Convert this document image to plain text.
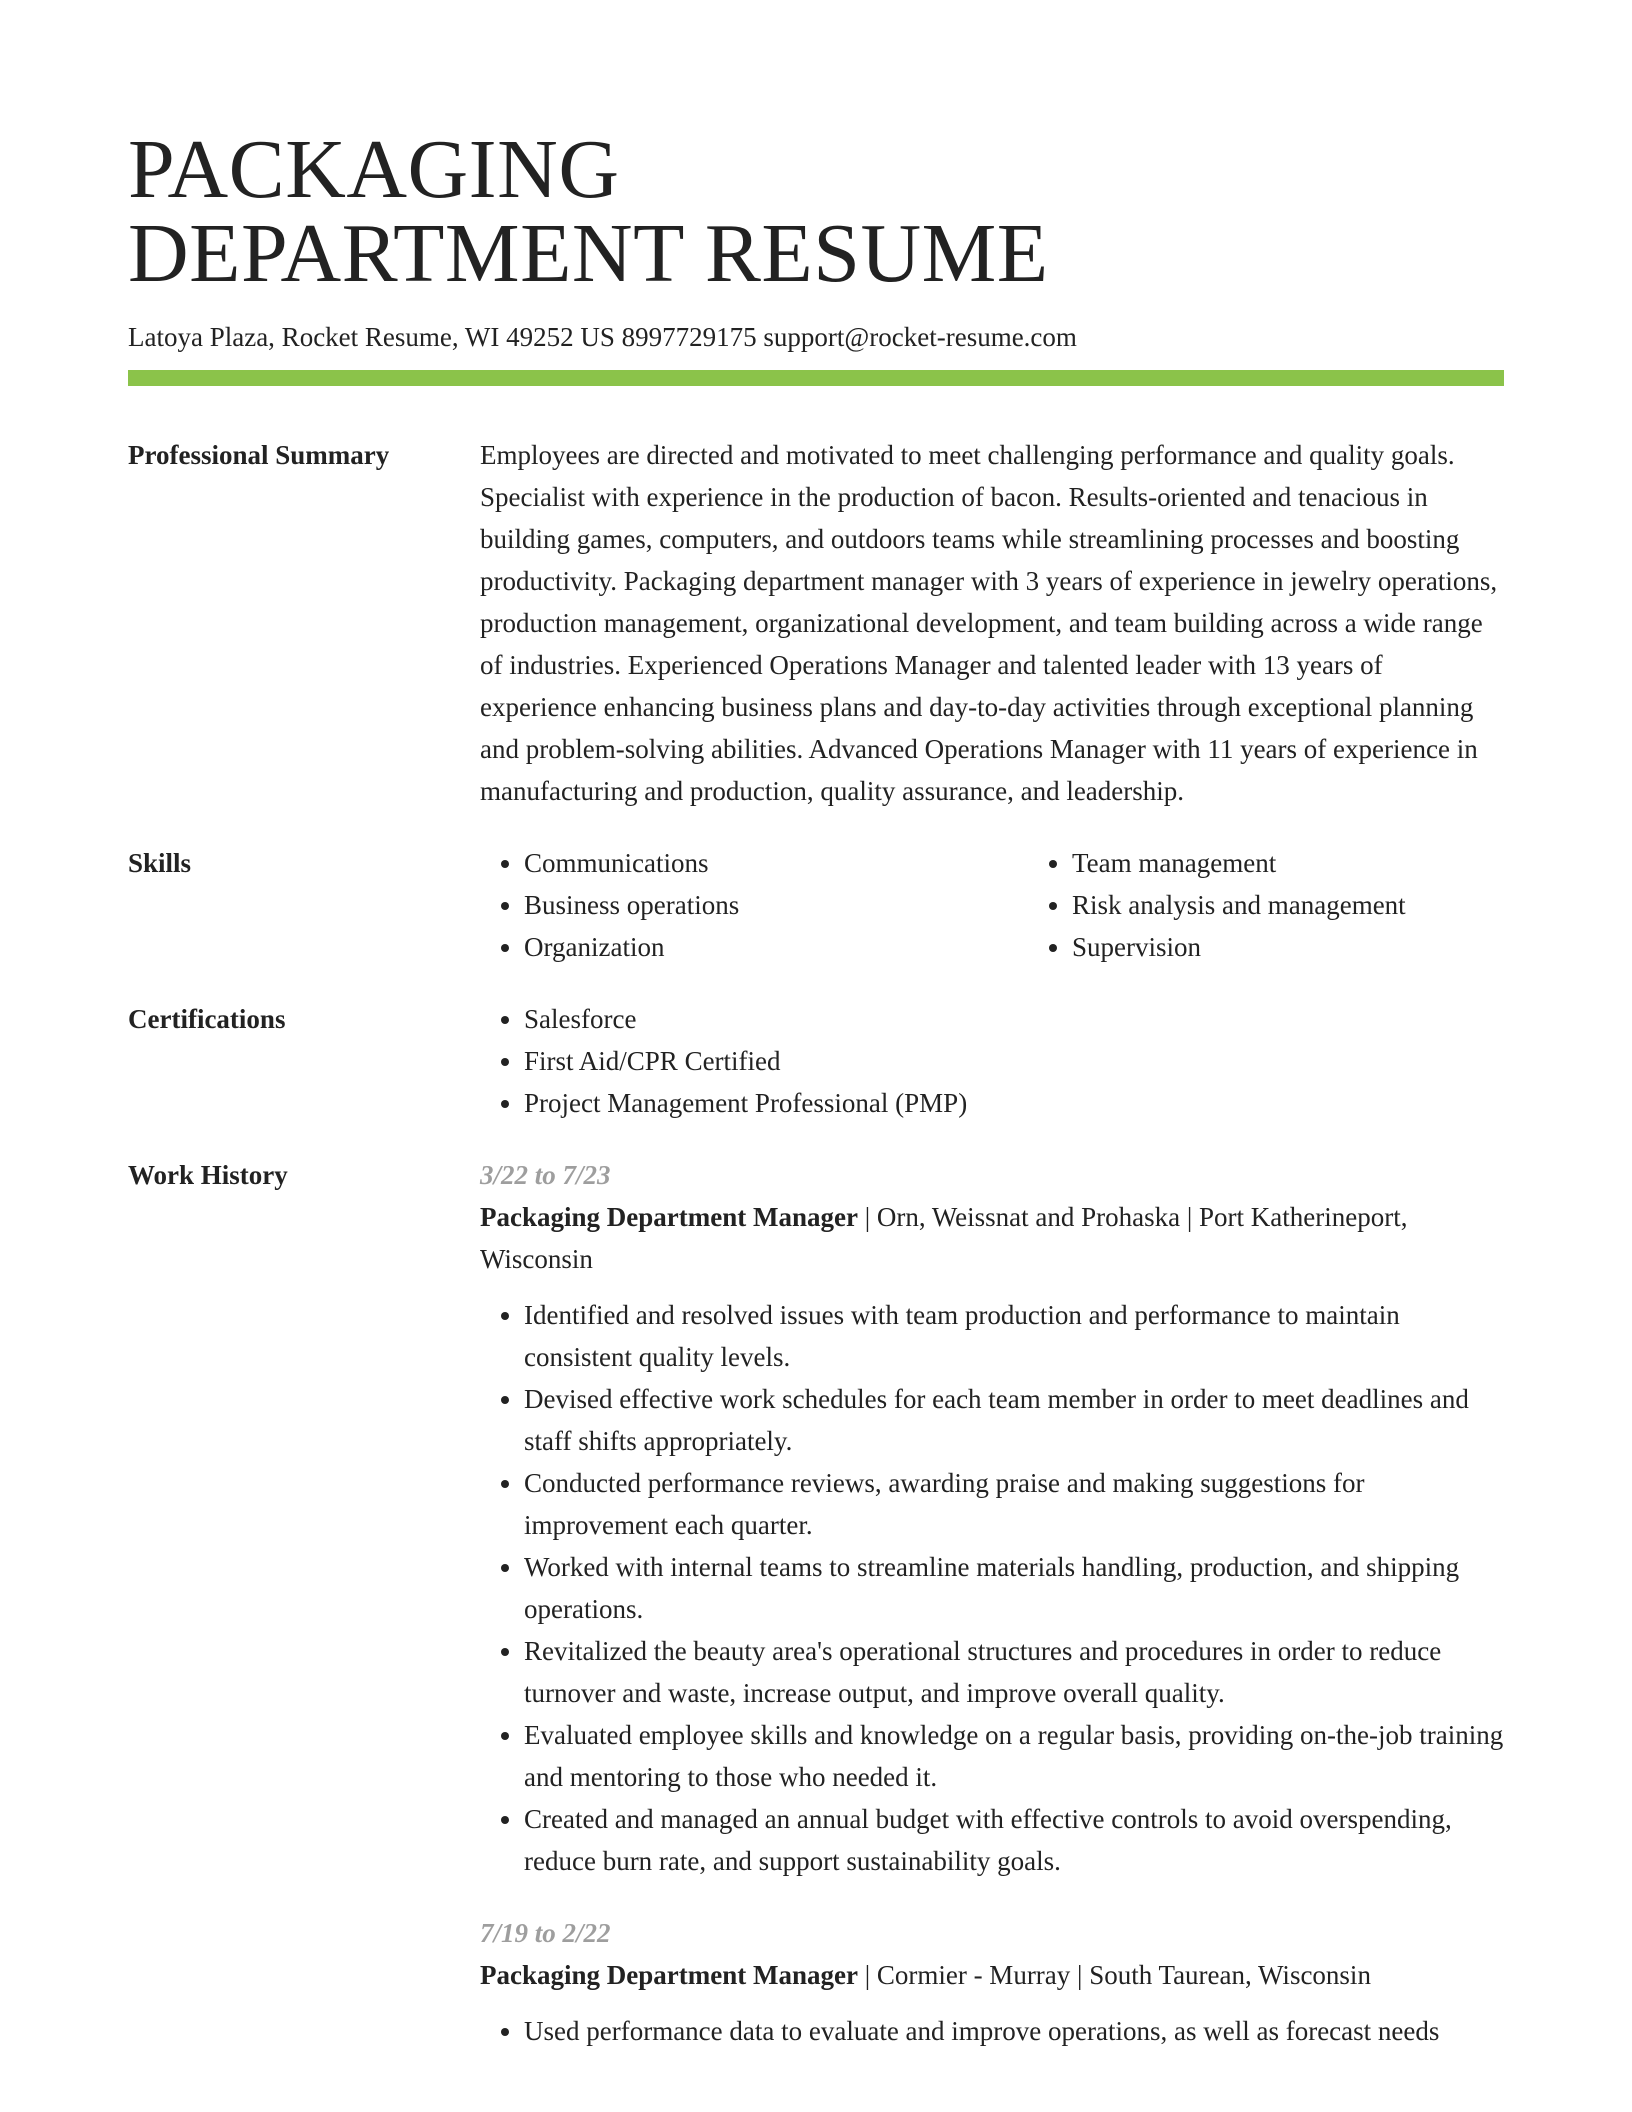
PACKAGING
DEPARTMENT RESUME
Latoya Plaza, Rocket Resume, WI 49252 US 8997729175 support@rocket-resume.com
Professional Summary	Employees are directed and motivated to meet challenging performance and quality goals. Specialist with experience in the production of bacon. Results-oriented and tenacious in building games, computers, and outdoors teams while streamlining processes and boosting productivity. Packaging department manager with 3 years of experience in jewelry operations, production management, organizational development, and team building across a wide range of industries. Experienced Operations Manager and talented leader with 13 years of experience enhancing business plans and day-to-day activities through exceptional planning and problem-solving abilities. Advanced Operations Manager with 11 years of experience in manufacturing and production, quality assurance, and leadership.

Skills	• Communications
• Business operations
• Organization
• Team management
• Risk analysis and management
• Supervision
Certifications	• Salesforce
• First Aid/CPR Certified
• Project Management Professional (PMP)
Work History	3/22 to 7/23
Packaging Department Manager | Orn, Weissnat and Prohaska | Port Katherineport, Wisconsin
• Identified and resolved issues with team production and performance to maintain consistent quality levels.
• Devised effective work schedules for each team member in order to meet deadlines and staff shifts appropriately.
• Conducted performance reviews, awarding praise and making suggestions for improvement each quarter.
• Worked with internal teams to streamline materials handling, production, and shipping operations.
• Revitalized the beauty area's operational structures and procedures in order to reduce turnover and waste, increase output, and improve overall quality.
• Evaluated employee skills and knowledge on a regular basis, providing on-the-job training and mentoring to those who needed it.
• Created and managed an annual budget with effective controls to avoid overspending, reduce burn rate, and support sustainability goals.
7/19 to 2/22
Packaging Department Manager | Cormier - Murray | South Taurean, Wisconsin
• Used performance data to evaluate and improve operations, as well as forecast needs
